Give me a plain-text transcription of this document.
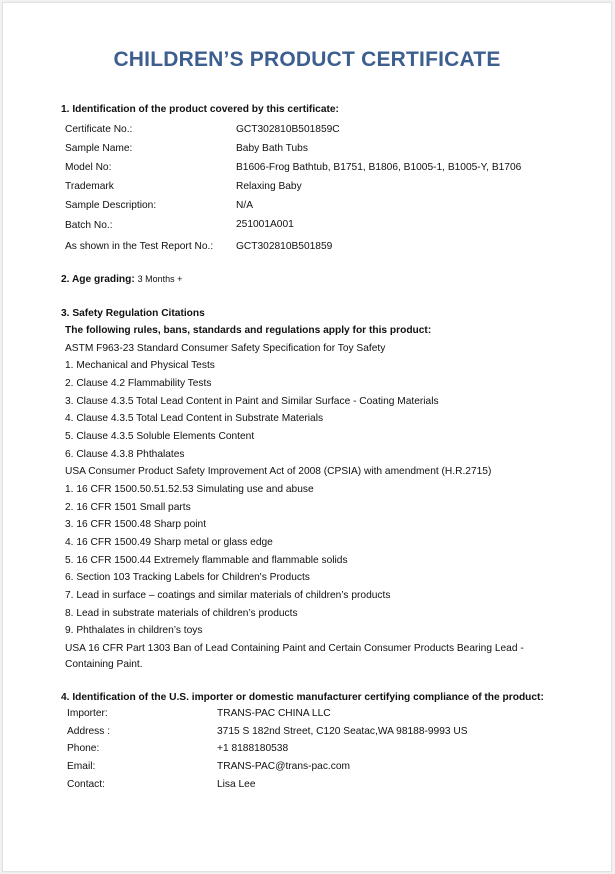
CHILDREN’S PRODUCT CERTIFICATE
1. Identification of the product covered by this certificate:
Certificate No.:	GCT302810B501859C
Sample Name:	Baby Bath Tubs
Model No:	B1606-Frog Bathtub, B1751, B1806, B1005-1, B1005-Y, B1706
Trademark	Relaxing Baby
Sample Description:	N/A
Batch No.:	251001A001
As shown in the Test Report No.: GCT302810B501859
2. Age grading: 3 Months +
3. Safety Regulation Citations
The following rules, bans, standards and regulations apply for this product:
ASTM F963-23 Standard Consumer Safety Specification for Toy Safety
1. Mechanical and Physical Tests
2. Clause 4.2 Flammability Tests
3. Clause 4.3.5 Total Lead Content in Paint and Similar Surface - Coating Materials
4. Clause 4.3.5 Total Lead Content in Substrate Materials
5. Clause 4.3.5 Soluble Elements Content
6. Clause 4.3.8 Phthalates
USA Consumer Product Safety Improvement Act of 2008 (CPSIA) with amendment (H.R.2715)
1. 16 CFR 1500.50.51.52.53 Simulating use and abuse
2. 16 CFR 1501 Small parts
3. 16 CFR 1500.48 Sharp point
4. 16 CFR 1500.49 Sharp metal or glass edge
5. 16 CFR 1500.44 Extremely flammable and flammable solids
6. Section 103 Tracking Labels for Children's Products
7. Lead in surface – coatings and similar materials of children’s products
8. Lead in substrate materials of children’s products
9. Phthalates in children’s toys
USA 16 CFR Part 1303 Ban of Lead Containing Paint and Certain Consumer Products Bearing Lead -
Containing Paint.
4. Identification of the U.S. importer or domestic manufacturer certifying compliance of the product:
Importer:	TRANS-PAC CHINA LLC
Address :	3715 S 182nd Street, C120 Seatac,WA 98188-9993 US
Phone:	+1 8188180538
Email:	TRANS-PAC@trans-pac.com
Contact:	Lisa Lee
